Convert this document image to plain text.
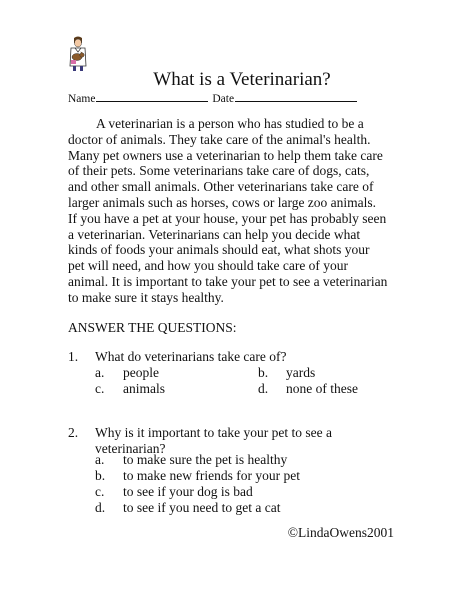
What is a Veterinarian?
Name	Date

A veterinarian is a person who has studied to be a doctor of animals. They take care of the animal's health. Many pet owners use a veterinarian to help them take care of their pets. Some veterinarians take care of dogs, cats, and other small animals. Other veterinarians take care of larger animals such as horses, cows or large zoo animals. If you have a pet at your house, your pet has probably seen a veterinarian. Veterinarians can help you decide what kinds of foods your animals should eat, what shots your pet will need, and how you should take care of your animal. It is important to take your pet to see a veterinarian to make sure it stays healthy.

ANSWER THE QUESTIONS:

1. What do veterinarians take care of?
a. people	b. yards
c. animals	d. none of these
2. Why is it important to take your pet to see a veterinarian?
a. to make sure the pet is healthy
b. to make new friends for your pet
c. to see if your dog is bad
d. to see if you need to get a cat
©LindaOwens2001
